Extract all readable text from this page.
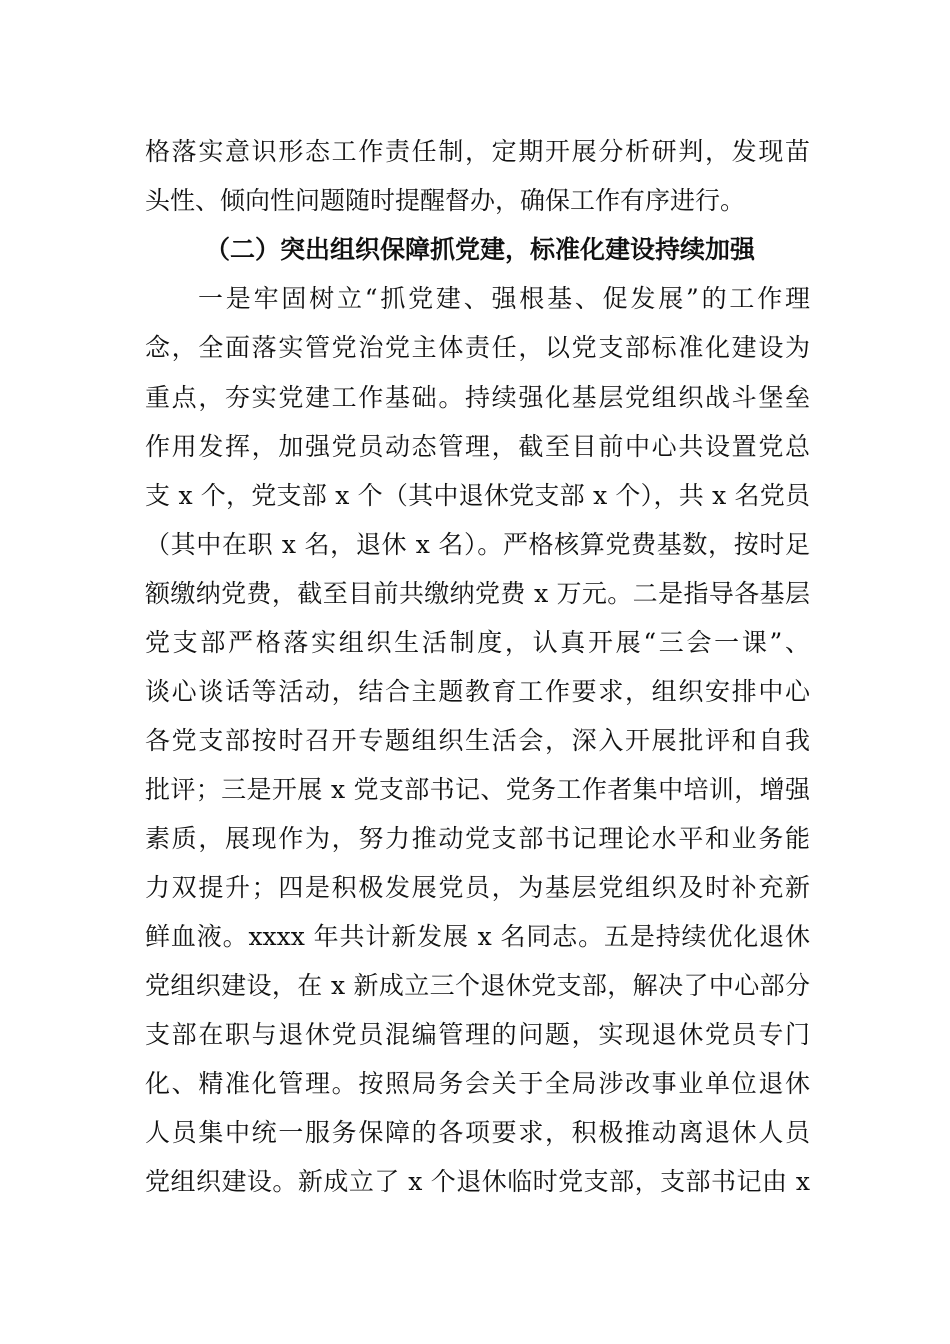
格落实意识形态工作责任制，定期开展分析研判，发现苗
头性、倾向性问题随时提醒督办，确保工作有序进行。
（二）突出组织保障抓党建，标准化建设持续加强
一是牢固树立“抓党建、强根基、促发展”的工作理
念，全面落实管党治党主体责任，以党支部标准化建设为
重点，夯实党建工作基础。持续强化基层党组织战斗堡垒
作用发挥，加强党员动态管理，截至目前中心共设置党总
支 x 个，党支部 x 个（其中退休党支部 x 个），共 x 名党员
（其中在职 x 名，退休 x 名）。严格核算党费基数，按时足
额缴纳党费，截至目前共缴纳党费 x 万元。二是指导各基层
党支部严格落实组织生活制度，认真开展“三会一课”、
谈心谈话等活动，结合主题教育工作要求，组织安排中心
各党支部按时召开专题组织生活会，深入开展批评和自我
批评；三是开展 x 党支部书记、党务工作者集中培训，增强
素质，展现作为，努力推动党支部书记理论水平和业务能
力双提升；四是积极发展党员，为基层党组织及时补充新
鲜血液。xxxx 年共计新发展 x 名同志。五是持续优化退休
党组织建设，在 x 新成立三个退休党支部，解决了中心部分
支部在职与退休党员混编管理的问题，实现退休党员专门
化、精准化管理。按照局务会关于全局涉改事业单位退休
人员集中统一服务保障的各项要求，积极推动离退休人员
党组织建设。新成立了 x 个退休临时党支部，支部书记由 x
